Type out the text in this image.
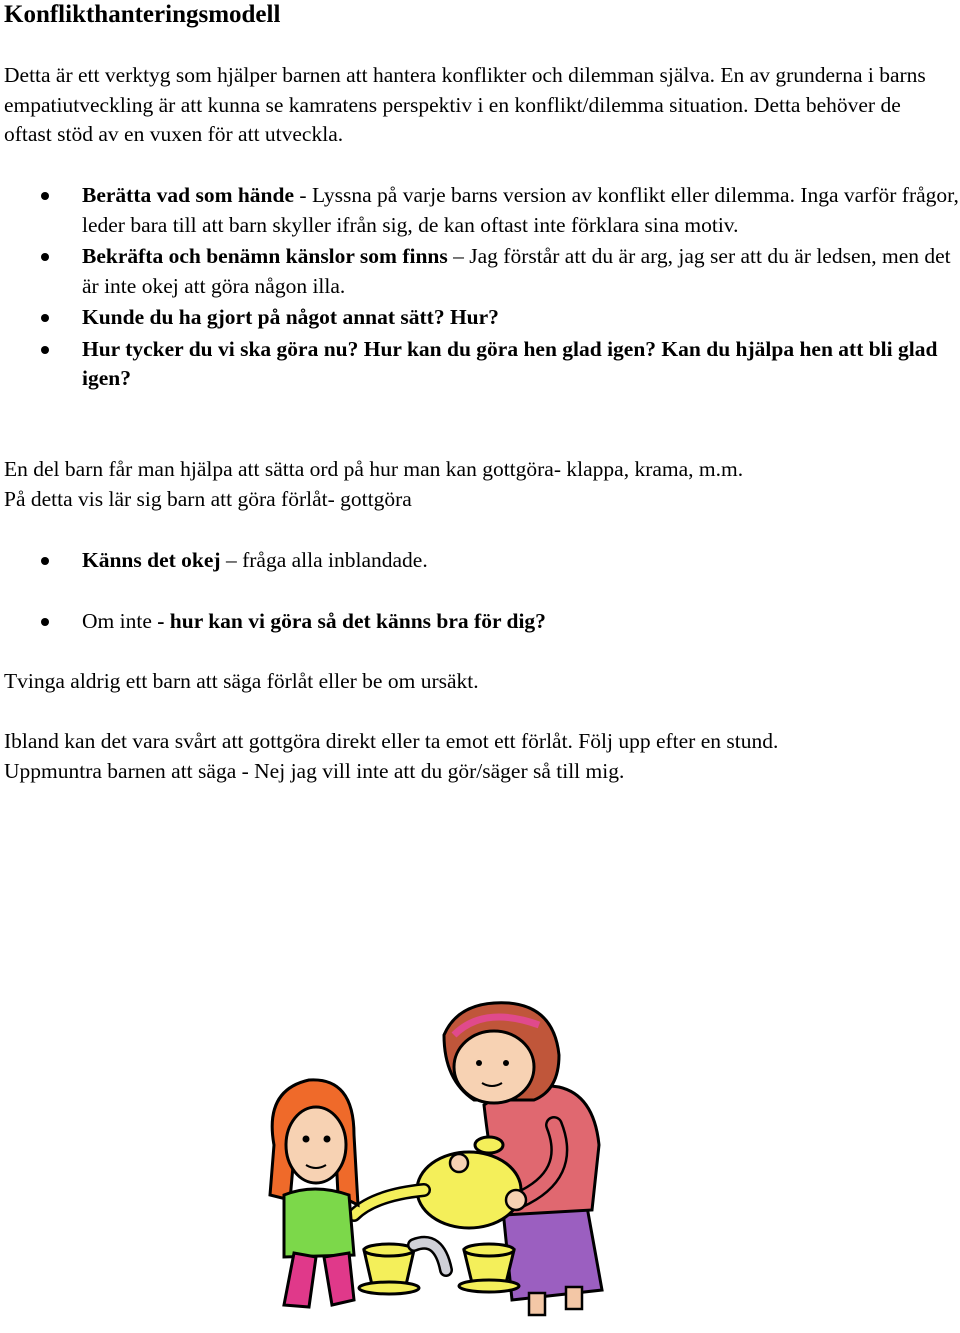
Konflikthanteringsmodell

Detta är ett verktyg som hjälper barnen att hantera konflikter och dilemman själva. En av grunderna i barns empatiutveckling är att kunna se kamratens perspektiv i en konflikt/dilemma situation. Detta behöver de oftast stöd av en vuxen för att utveckla.

Berätta vad som hände - Lyssna på varje barns version av konflikt eller dilemma. Inga varför frågor, leder bara till att barn skyller ifrån sig, de kan oftast inte förklara sina motiv.
Bekräfta och benämn känslor som finns – Jag förstår att du är arg, jag ser att du är ledsen, men det är inte okej att göra någon illa.
Kunde du ha gjort på något annat sätt? Hur?
Hur tycker du vi ska göra nu? Hur kan du göra hen glad igen? Kan du hjälpa hen att bli glad igen?

En del barn får man hjälpa att sätta ord på hur man kan gottgöra- klappa, krama, m.m.
På detta vis lär sig barn att göra förlåt- gottgöra

Känns det okej – fråga alla inblandade.
Om inte - hur kan vi göra så det känns bra för dig?

Tvinga aldrig ett barn att säga förlåt eller be om ursäkt.

Ibland kan det vara svårt att gottgöra direkt eller ta emot ett förlåt. Följ upp efter en stund.
Uppmuntra barnen att säga - Nej jag vill inte att du gör/säger så till mig.
